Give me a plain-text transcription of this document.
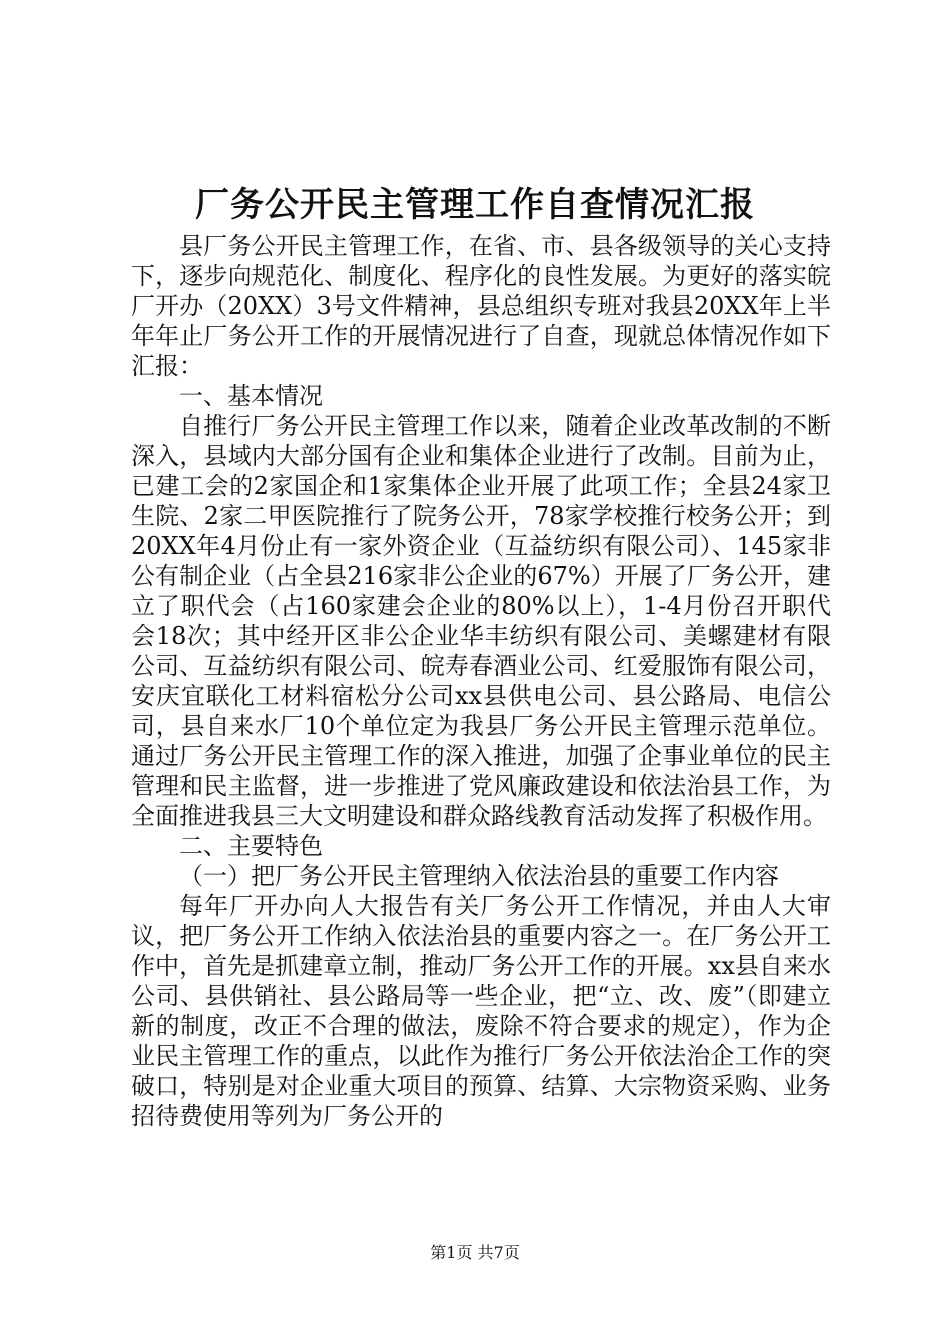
厂务公开民主管理工作自查情况汇报

县厂务公开民主管理工作，在省、市、县各级领导的关心支持下，逐步向规范化、制度化、程序化的良性发展。为更好的落实皖厂开办（20XX）3号文件精神，县总组织专班对我县20XX年上半年年止厂务公开工作的开展情况进行了自查，现就总体情况作如下汇报：

一、基本情况

自推行厂务公开民主管理工作以来，随着企业改革改制的不断深入，县域内大部分国有企业和集体企业进行了改制。目前为止，已建工会的2家国企和1家集体企业开展了此项工作；全县24家卫生院、2家二甲医院推行了院务公开，78家学校推行校务公开；到20XX年4月份止有一家外资企业（互益纺织有限公司）、145家非公有制企业（占全县216家非公企业的67%）开展了厂务公开，建立了职代会（占160家建会企业的80%以上），1-4月份召开职代会18次；其中经开区非公企业华丰纺织有限公司、美螺建材有限公司、互益纺织有限公司、皖寿春酒业公司、红爱服饰有限公司，安庆宜联化工材料宿松分公司xx县供电公司、县公路局、电信公司，县自来水厂10个单位定为我县厂务公开民主管理示范单位。通过厂务公开民主管理工作的深入推进，加强了企事业单位的民主管理和民主监督，进一步推进了党风廉政建设和依法治县工作，为全面推进我县三大文明建设和群众路线教育活动发挥了积极作用。

二、主要特色

（一）把厂务公开民主管理纳入依法治县的重要工作内容

每年厂开办向人大报告有关厂务公开工作情况，并由人大审议，把厂务公开工作纳入依法治县的重要内容之一。在厂务公开工作中，首先是抓建章立制，推动厂务公开工作的开展。xx县自来水公司、县供销社、县公路局等一些企业，把“立、改、废”（即建立新的制度，改正不合理的做法，废除不符合要求的规定），作为企业民主管理工作的重点，以此作为推行厂务公开依法治企工作的突破口，特别是对企业重大项目的预算、结算、大宗物资采购、业务招待费使用等列为厂务公开的

第1页 共7页
